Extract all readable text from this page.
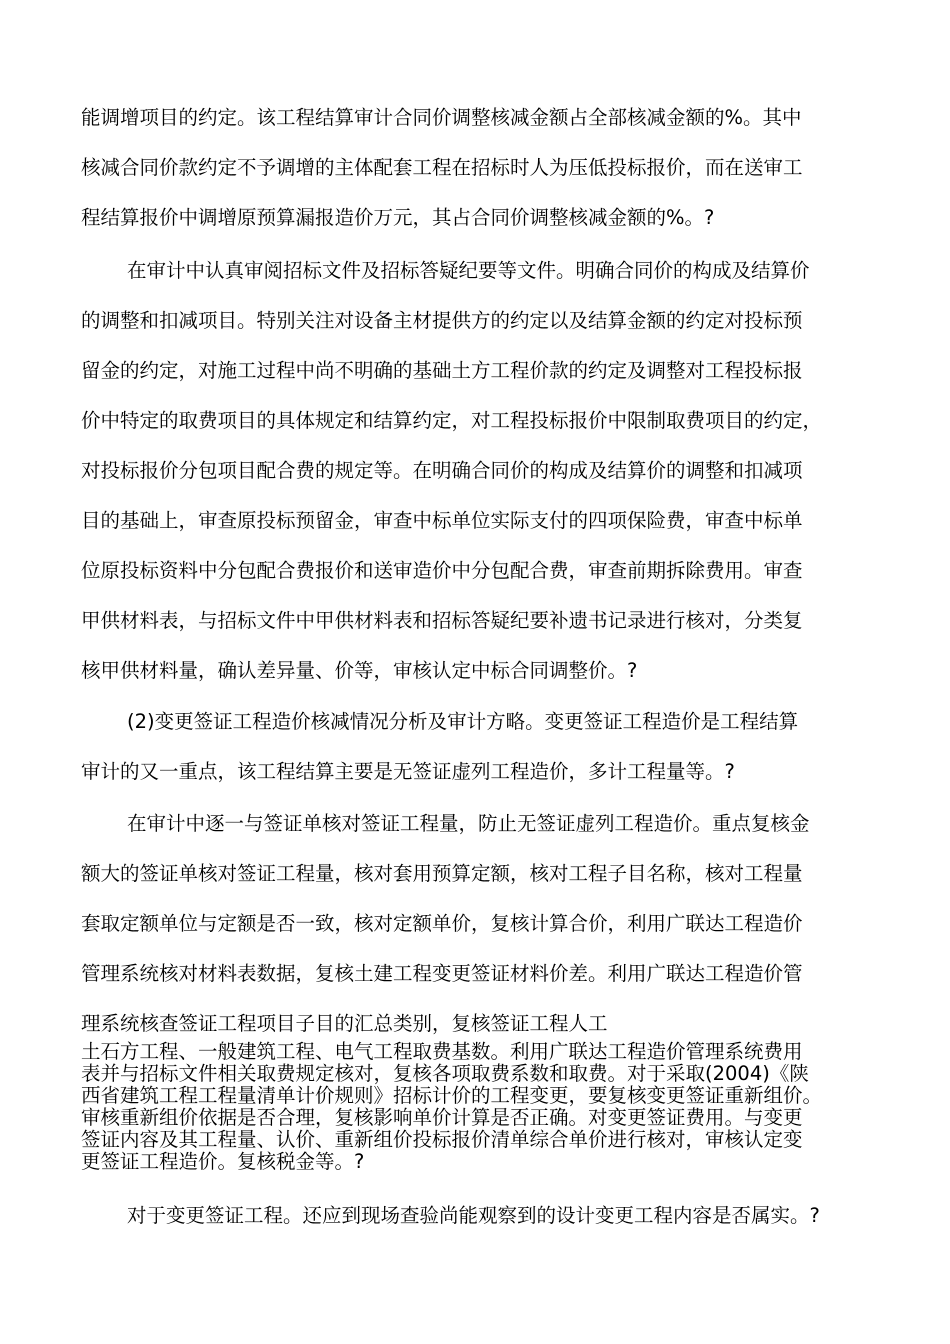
能调增项目的约定。该工程结算审计合同价调整核减金额占全部核减金额的%。其中
核减合同价款约定不予调增的主体配套工程在招标时人为压低投标报价，而在送审工
程结算报价中调增原预算漏报造价万元，其占合同价调整核减金额的%。?
在审计中认真审阅招标文件及招标答疑纪要等文件。明确合同价的构成及结算价
的调整和扣减项目。特别关注对设备主材提供方的约定以及结算金额的约定对投标预
留金的约定，对施工过程中尚不明确的基础土方工程价款的约定及调整对工程投标报
价中特定的取费项目的具体规定和结算约定，对工程投标报价中限制取费项目的约定，
对投标报价分包项目配合费的规定等。在明确合同价的构成及结算价的调整和扣减项
目的基础上，审查原投标预留金，审查中标单位实际支付的四项保险费，审查中标单
位原投标资料中分包配合费报价和送审造价中分包配合费，审查前期拆除费用。审查
甲供材料表，与招标文件中甲供材料表和招标答疑纪要补遗书记录进行核对，分类复
核甲供材料量，确认差异量、价等，审核认定中标合同调整价。?
(2)变更签证工程造价核减情况分析及审计方略。变更签证工程造价是工程结算
审计的又一重点，该工程结算主要是无签证虚列工程造价，多计工程量等。?
在审计中逐一与签证单核对签证工程量，防止无签证虚列工程造价。重点复核金
额大的签证单核对签证工程量，核对套用预算定额，核对工程子目名称，核对工程量
套取定额单位与定额是否一致，核对定额单价，复核计算合价，利用广联达工程造价
管理系统核对材料表数据，复核土建工程变更签证材料价差。利用广联达工程造价管
理系统核查签证工程项目子目的汇总类别，复核签证工程人工
土石方工程、一般建筑工程、电气工程取费基数。利用广联达工程造价管理系统费用
表并与招标文件相关取费规定核对，复核各项取费系数和取费。对于采取(2004)《陕
西省建筑工程工程量清单计价规则》招标计价的工程变更，要复核变更签证重新组价。
审核重新组价依据是否合理，复核影响单价计算是否正确。对变更签证费用。与变更
签证内容及其工程量、认价、重新组价投标报价清单综合单价进行核对，审核认定变
更签证工程造价。复核税金等。?
对于变更签证工程。还应到现场查验尚能观察到的设计变更工程内容是否属实。?
